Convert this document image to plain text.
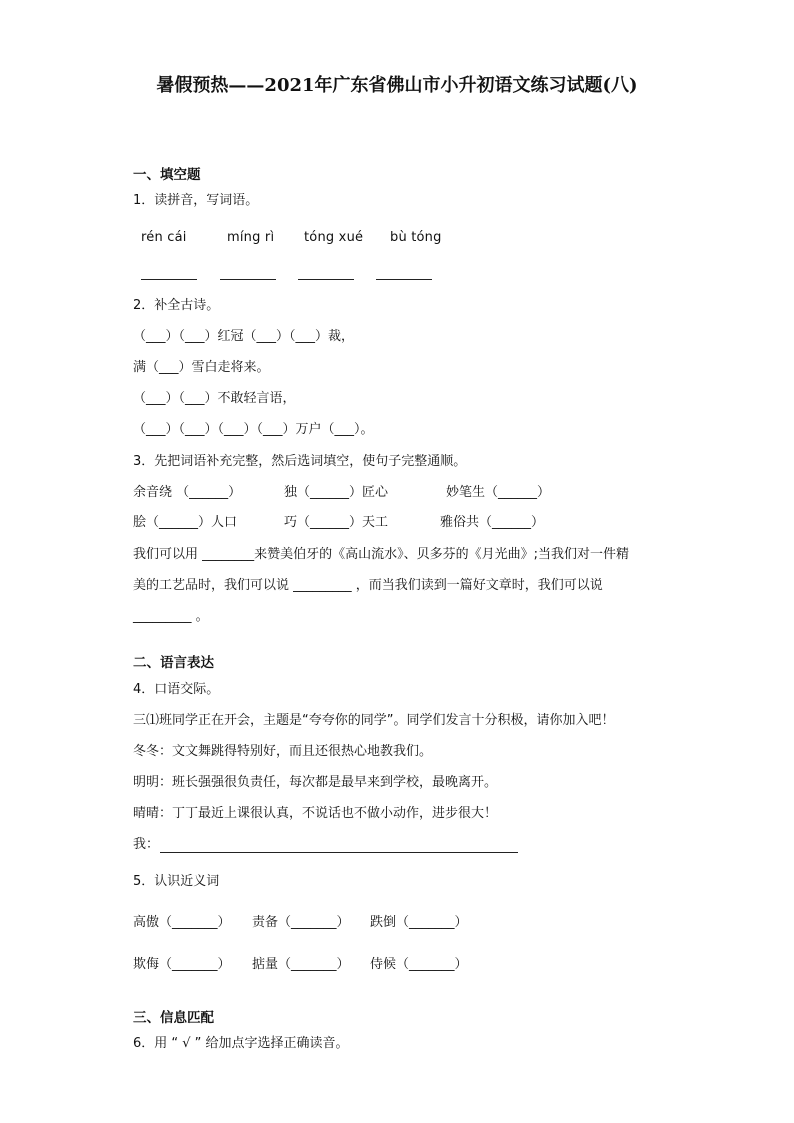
暑假预热——2021年广东省佛山市小升初语文练习试题(八)
一、填空题
1．读拼音，写词语。
rén cái	míng rì tóng xué bù tóng
2．补全古诗。
（___）（___）红冠（___）（___）裁，
满（___）雪白走将来。
（___）（___）不敢轻言语，
（___）（___）（___）（___）万户（___）。
3．先把词语补充完整，然后选词填空，使句子完整通顺。
余音绕 （______）	独（______）匠心	妙笔生（______）
脍（______）人口	巧（______）天工	雅俗共（______）
我们可以用 ________来赞美伯牙的《高山流水》、贝多芬的《月光曲》;当我们对一件精
美的工艺品时，我们可以说 _________ ，而当我们读到一篇好文章时，我们可以说
_________ 。
二、语言表达
4．口语交际。
三⑴班同学正在开会，主题是“夸夸你的同学”。同学们发言十分积极，请你加入吧！
冬冬：文文舞跳得特别好，而且还很热心地教我们。
明明：班长强强很负责任，每次都是最早来到学校，最晚离开。
晴晴：丁丁最近上课很认真，不说话也不做小动作，进步很大！
我：
5．认识近义词
高傲（_______） 责备（_______） 跌倒（_______）
欺侮（_______） 掂量（_______） 侍候（_______）
三、信息匹配
6．用 “ √ ” 给加点字选择正确读音。
